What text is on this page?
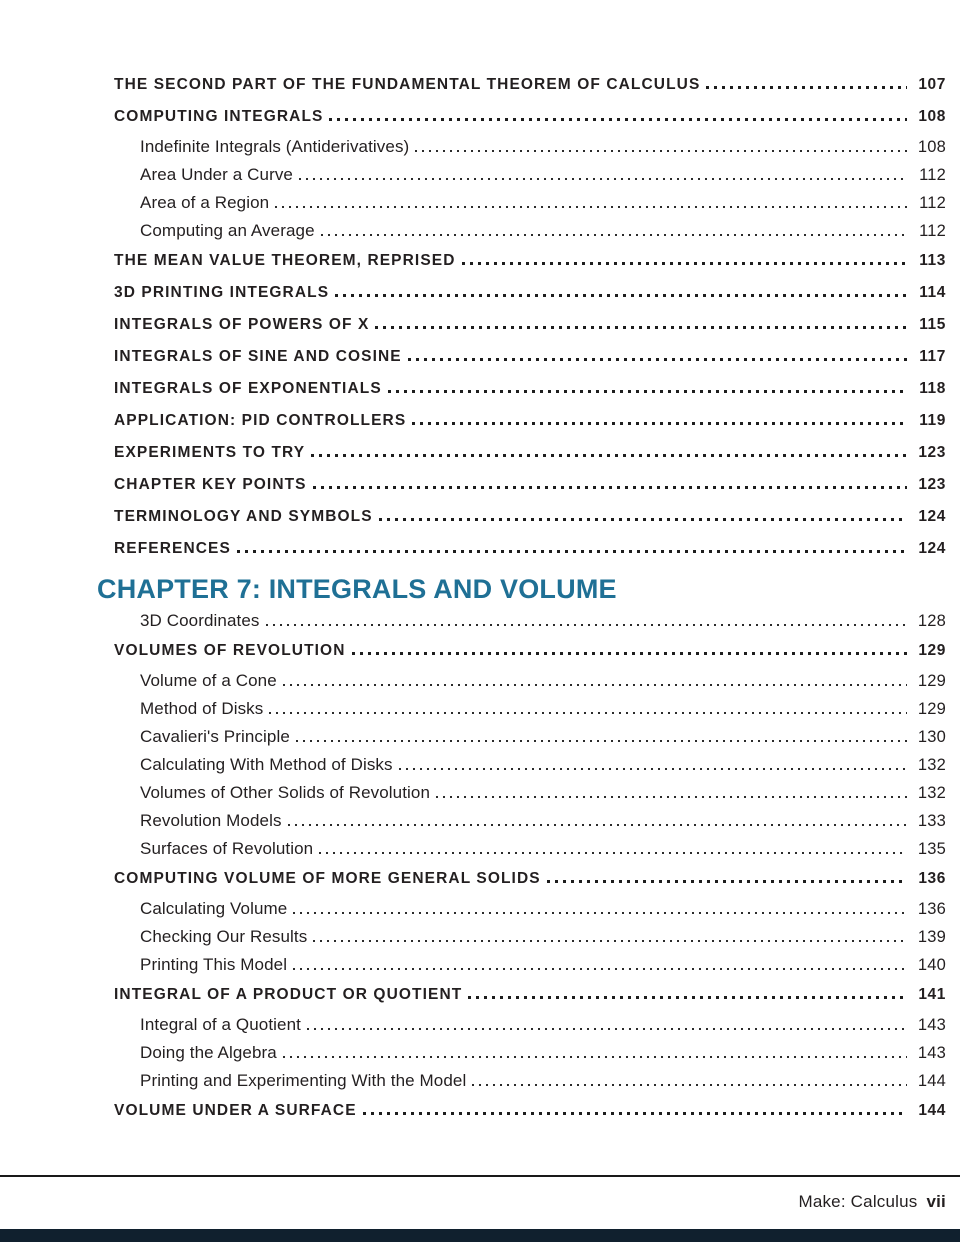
THE SECOND PART OF THE FUNDAMENTAL THEOREM OF CALCULUS	107
COMPUTING INTEGRALS	108
Indefinite Integrals (Antiderivatives)	108
Area Under a Curve	112
Area of a Region	112
Computing an Average	112
THE MEAN VALUE THEOREM, REPRISED	113
3D PRINTING INTEGRALS	114
INTEGRALS OF POWERS OF X	115
INTEGRALS OF SINE AND COSINE	117
INTEGRALS OF EXPONENTIALS	118
APPLICATION: PID CONTROLLERS	119
EXPERIMENTS TO TRY	123
CHAPTER KEY POINTS	123
TERMINOLOGY AND SYMBOLS	124
REFERENCES	124
CHAPTER 7: INTEGRALS AND VOLUME
3D Coordinates	128
VOLUMES OF REVOLUTION	129
Volume of a Cone	129
Method of Disks	129
Cavalieri's Principle	130
Calculating With Method of Disks	132
Volumes of Other Solids of Revolution	132
Revolution Models	133
Surfaces of Revolution	135
COMPUTING VOLUME OF MORE GENERAL SOLIDS	136
Calculating Volume	136
Checking Our Results	139
Printing This Model	140
INTEGRAL OF A PRODUCT OR QUOTIENT	141
Integral of a Quotient	143
Doing the Algebra	143
Printing and Experimenting With the Model	144
VOLUME UNDER A SURFACE	144
Make: Calculus vii
